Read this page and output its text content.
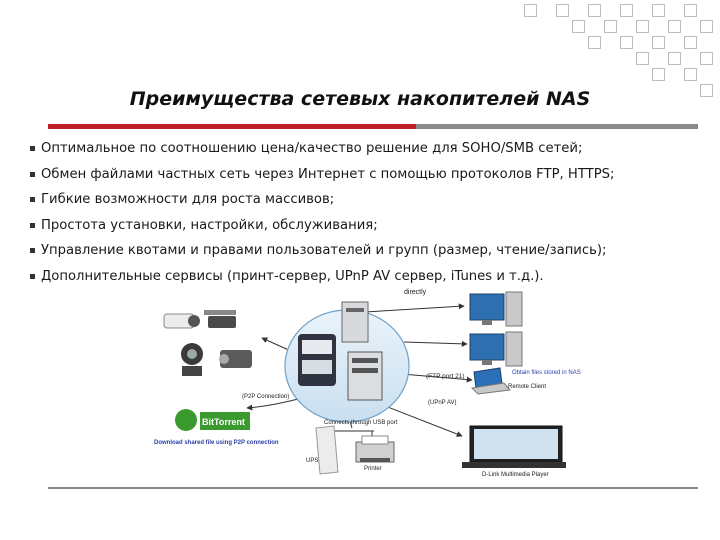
Преимущества сетевых накопителей NAS
Оптимальное по соотношению цена/качество решение для SOHO/SMB сетей;
Обмен файлами частных сеть через Интернет с помощью протоколов FTP, HTTPS;
Гибкие возможности для роста массивов;
Простота установки, настройки, обслуживания;
Управление квотами и правами пользователей и групп (размер, чтение/запись);
Дополнительные сервисы (принт-сервер, UPnP AV сервер, iTunes и т.д.).
directly
(FTP port 21)	Obtain files stored in NAS
Remote Client
(P2P Connection)
(UPnP AV)
BitTorrent
Download shared file using P2P connection
Connects through USB port
UPS
Printer
D-Link Multimedia Player
